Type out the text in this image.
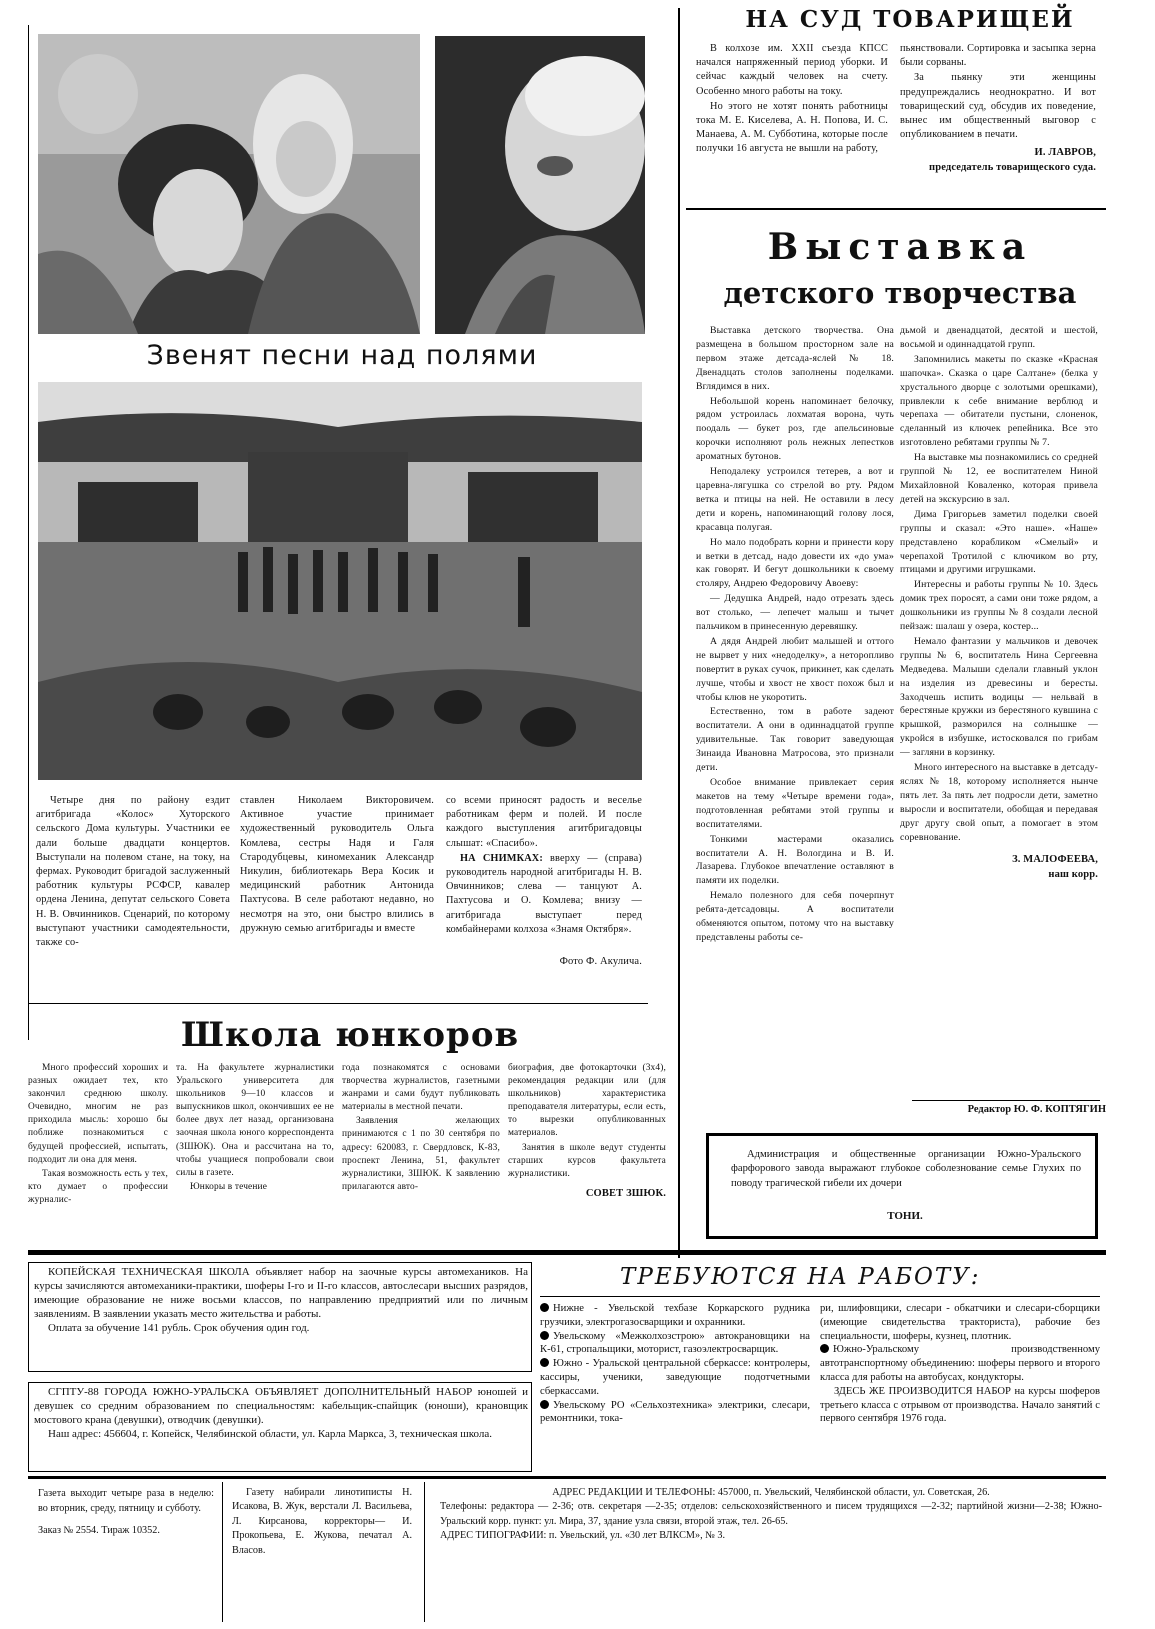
Звенят песни над полями

Четыре дня по району ездит агитбригада «Колос» Хуторского сельского Дома культуры. Участники ее дали больше двадцати концертов. Выступали на полевом стане, на току, на фермах. Руководит бригадой заслуженный работник культуры РСФСР, кавалер ордена Ленина, депутат сельского Совета Н. В. Овчинников. Сценарий, по которому выступают участники самодеятельности, также со-

ставлен Николаем Викторовичем. Активное участие принимает художественный руководитель Ольга Комлева, сестры Надя и Галя Стародубцевы, киномеханик Александр Никулин, библиотекарь Вера Косик и медицинский работник Антонида Пахтусова. В селе работают недавно, но несмотря на это, они быстро влились в дружную семью агитбригады и вместе

со всеми приносят радость и веселье работникам ферм и полей. И после каждого выступления агитбригадовцы слышат: «Спасибо».

НА СНИМКАХ: вверху — (справа) руководитель народной агитбригады Н. В. Овчинников; слева — танцуют А. Пахтусова и О. Комлева; внизу — агитбригада выступает перед комбайнерами колхоза «Знамя Октября».

Фото Ф. Акулича.

Школа юнкоров

Много профессий хороших и разных ожидает тех, кто закончил среднюю школу. Очевидно, многим не раз приходила мысль: хорошо бы поближе познакомиться с будущей профессией, испытать, подходит ли она для меня.

Такая возможность есть у тех, кто думает о профессии журналис-

та. На факультете журналистики Уральского университета для школьников 9—10 классов и выпускников школ, окончивших ее не более двух лет назад, организована заочная школа юного корреспондента (ЗШЮК). Она и рассчитана на то, чтобы учащиеся попробовали свои силы в газете.

Юнкоры в течение

года познакомятся с основами творчества журналистов, газетными жанрами и сами будут публиковать материалы в местной печати.

Заявления желающих принимаются с 1 по 30 сентября по адресу: 620083, г. Свердловск, К-83, проспект Ленина, 51, факультет журналистики, ЗШЮК. К заявлению прилагаются авто-

биография, две фотокарточки (3х4), рекомендация редакции или (для школьников) характеристика преподавателя литературы, если есть, то вырезки опубликованных материалов.

Занятия в школе ведут студенты старших курсов факультета журналистики.

СОВЕТ ЗШЮК.

НА СУД ТОВАРИЩЕЙ

В колхозе им. XXII съезда КПСС начался напряженный период уборки. И сейчас каждый человек на счету. Особенно много работы на току.

Но этого не хотят понять работницы тока М. Е. Киселева, А. Н. Попова, И. С. Манаева, А. М. Субботина, которые после получки 16 августа не вышли на работу,

пьянствовали. Сортировка и засыпка зерна были сорваны.

За пьянку эти женщины предупреждались неоднократно. И вот товарищеский суд, обсудив их поведение, вынес им общественный выговор с опубликованием в печати.

И. ЛАВРОВ,

председатель товарищеского суда.

Выставка
детского творчества

Выставка детского творчества. Она размещена в большом просторном зале на первом этаже детсада-яслей № 18. Двенадцать столов заполнены поделками. Вглядимся в них.

Небольшой корень напоминает белочку, рядом устроилась лохматая ворона, чуть поодаль — букет роз, где апельсиновые корочки исполняют роль нежных лепестков ароматных бутонов.

Неподалеку устроился тетерев, а вот и царевна-лягушка со стрелой во рту. Рядом ветка и птицы на ней. Не оставили в лесу дети и корень, напоминающий голову лося, красавца полугая.

Но мало подобрать корни и принести кору и ветки в детсад, надо довести их «до ума» как говорят. И бегут дошкольники к своему столяру, Андрею Федоровичу Авоеву:

— Дедушка Андрей, надо отрезать здесь вот столько, — лепечет малыш и тычет пальчиком в принесенную деревяшку.

А дядя Андрей любит малышей и оттого не вырвет у них «недоделку», а неторопливо повертит в руках сучок, прикинет, как сделать лучше, чтобы и хвост не хвост похож был и чтобы клюв не укоротить.

Естественно, том в работе задеют воспитатели. А они в одиннадцатой группе удивительные. Так говорит заведующая Зинаида Ивановна Матросова, это признали дети.

Особое внимание привлекает серия макетов на тему «Четыре времени года», подготовленная ребятами этой группы и воспитателями.

Тонкими мастерами оказались воспитатели А. Н. Вологдина и В. И. Лазарева. Глубокое впечатление оставляют в памяти их поделки.

Немало полезного для себя почерпнут ребята-детсадовцы. А воспитатели обменяются опытом, потому что на выставку представлены работы се-

дьмой и двенадцатой, десятой и шестой, восьмой и одиннадцатой групп.

Запомнились макеты по сказке «Красная шапочка». Сказка о царе Салтане» (белка у хрустального дворце с золотыми орешками), привлекли к себе внимание верблюд и черепаха — обитатели пустыни, слоненок, сделанный из ключек репейника. Все это изготовлено ребятами группы № 7.

На выставке мы познакомились со средней группой № 12, ее воспитателем Ниной Михайловной Коваленко, которая привела детей на экскурсию в зал.

Дима Григорьев заметил поделки своей группы и сказал: «Это наше». «Наше» представлено корабликом «Смелый» и черепахой Тротилой с ключиком во рту, птицами и другими игрушками.

Интересны и работы группы № 10. Здесь домик трех поросят, а сами они тоже рядом, а дошкольники из группы № 8 создали лесной пейзаж: шалаш у озера, костер...

Немало фантазии у мальчиков и девочек группы № 6, воспитатель Нина Сергеевна Медведева. Малыши сделали главный уклон на изделия из древесины и бересты. Заходчешь испить водицы — нельвай в берестяные кружки из берестяного кувшина с крышкой, разморился на солнышке — укройся в избушке, истосковался по грибам — загляни в корзинку.

Много интересного на выставке в детсаду-яслях № 18, которому исполняется нынче пять лет. За пять лет подросли дети, заметно выросли и воспитатели, обобщая и передавая друг другу свой опыт, а помогает в этом соревнование.

З. МАЛОФЕЕВА,

наш корр.

Редактор Ю. Ф. КОПТЯГИН
Администрация и общественные организации Южно-Уральского фарфорового завода выражают глубокое соболезнование семье Глухих по поводу трагической гибели их дочери
ТОНИ.
КОПЕЙСКАЯ ТЕХНИЧЕСКАЯ ШКОЛА объявляет набор на заочные курсы автомехаников. На курсы зачисляются автомеханики-практики, шоферы I-го и II-го классов, автослесари высших разрядов, имеющие образование не ниже восьми классов, по направлению предприятий или по личным заявлениям. В заявлении указать место жительства и работы.
Оплата за обучение 141 рубль. Срок обучения один год.
СГПТУ-88 ГОРОДА ЮЖНО-УРАЛЬСКА ОБЪЯВЛЯЕТ ДОПОЛНИТЕЛЬНЫЙ НАБОР юношей и девушек со средним образованием по специальностям: кабельщик-спайщик (юноши), крановщик мостового крана (девушки), отводчик (девушки).
Наш адрес: 456604, г. Копейск, Челябинской области, ул. Карла Маркса, 3, техническая школа.
ТРЕБУЮТСЯ НА РАБОТУ:
Нижне - Увельской техбазе Коркарского рудника грузчики, электрогазосварщики и охранники.
Увельскому «Межколхозстрою» автокрановщики на К-61, стропальщики, моторист, газоэлектросварщик.
Южно - Уральской центральной сберкассе: контролеры, кассиры, ученики, заведующие подотчетными сберкассами.
Увельскому РО «Сельхозтехника» электрики, слесари, ремонтники, тока-
ри, шлифовщики, слесари - обкатчики и слесари-сборщики (имеющие свидетельства тракториста), рабочие без специальности, шоферы, кузнец, плотник.
Южно-Уральскому производственному автотранспортному объединению: шоферы первого и второго класса для работы на автобусах, кондукторы.
ЗДЕСЬ ЖЕ ПРОИЗВОДИТСЯ НАБОР на курсы шоферов третьего класса с отрывом от производства. Начало занятий с первого сентября 1976 года.
Газета выходит четыре раза в неделю: во вторник, среду, пятницу и субботу.
Заказ № 2554. Тираж 10352.
Газету набирали линотиписты Н. Исакова, В. Жук, верстали Л. Васильева, Л. Кирсанова, корректоры— И. Прокопьева, Е. Жукова, печатал А. Власов.
АДРЕС РЕДАКЦИИ И ТЕЛЕФОНЫ: 457000, п. Увельский, Челябинской области, ул. Советская, 26.
Телефоны: редактора — 2-36; отв. секретаря —2-35; отделов: сельскохозяйственного и писем трудящихся —2-32; партийной жизни—2-38; Южно-Уральский корр. пункт: ул. Мира, 37, здание узла связи, второй этаж, тел. 26-65.
АДРЕС ТИПОГРАФИИ: п. Увельский, ул. «30 лет ВЛКСМ», № 3.
